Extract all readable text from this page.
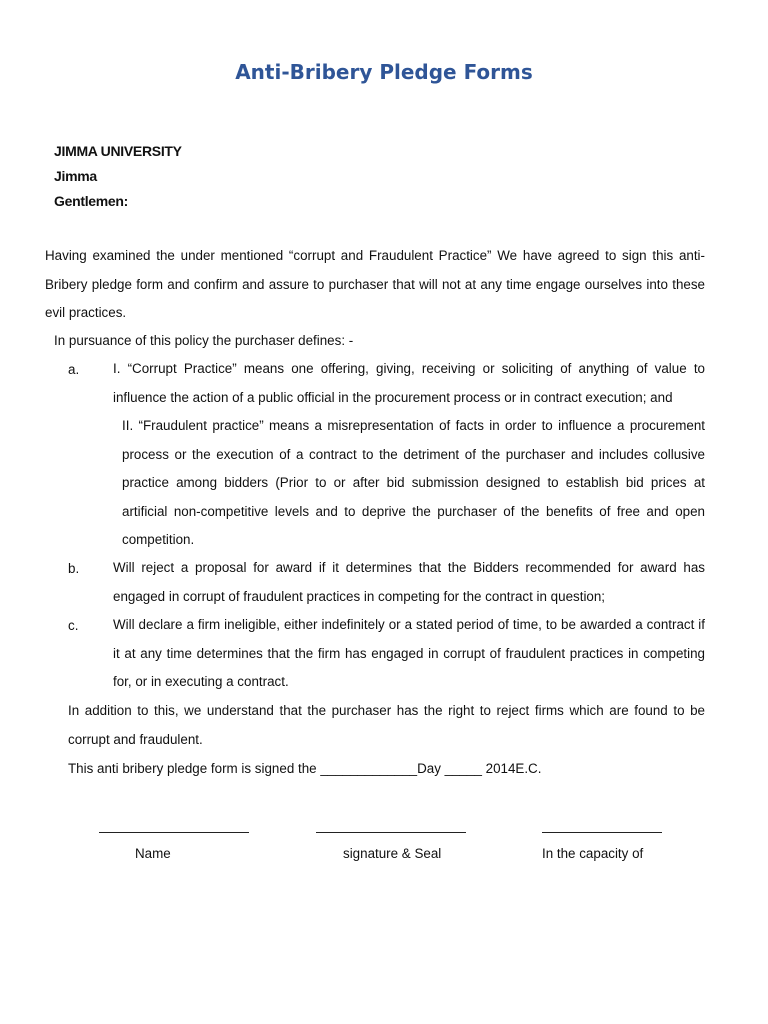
Anti-Bribery Pledge Forms
JIMMA UNIVERSITY
Jimma
Gentlemen:
Having examined the under mentioned “corrupt and Fraudulent Practice” We have agreed to sign this anti-Bribery pledge form and confirm and assure to purchaser that will not at any time engage ourselves into these evil practices.
In pursuance of this policy the purchaser defines: -
a.	I. “Corrupt Practice” means one offering, giving, receiving or soliciting of anything of value to influence the action of a public official in the procurement process or in contract execution; and
II. “Fraudulent practice” means a misrepresentation of facts in order to influence a procurement process or the execution of a contract to the detriment of the purchaser and includes collusive practice among bidders (Prior to or after bid submission designed to establish bid prices at artificial non-competitive levels and to deprive the purchaser of the benefits of free and open competition.
b.	Will reject a proposal for award if it determines that the Bidders recommended for award has engaged in corrupt of fraudulent practices in competing for the contract in question;
c.	Will declare a firm ineligible, either indefinitely or a stated period of time, to be awarded a contract if it at any time determines that the firm has engaged in corrupt of fraudulent practices in competing for, or in executing a contract.
In addition to this, we understand that the purchaser has the right to reject firms which are found to be corrupt and fraudulent.
This anti bribery pledge form is signed the _____________Day _____ 2014E.C.
Name	signature & Seal	In the capacity of
